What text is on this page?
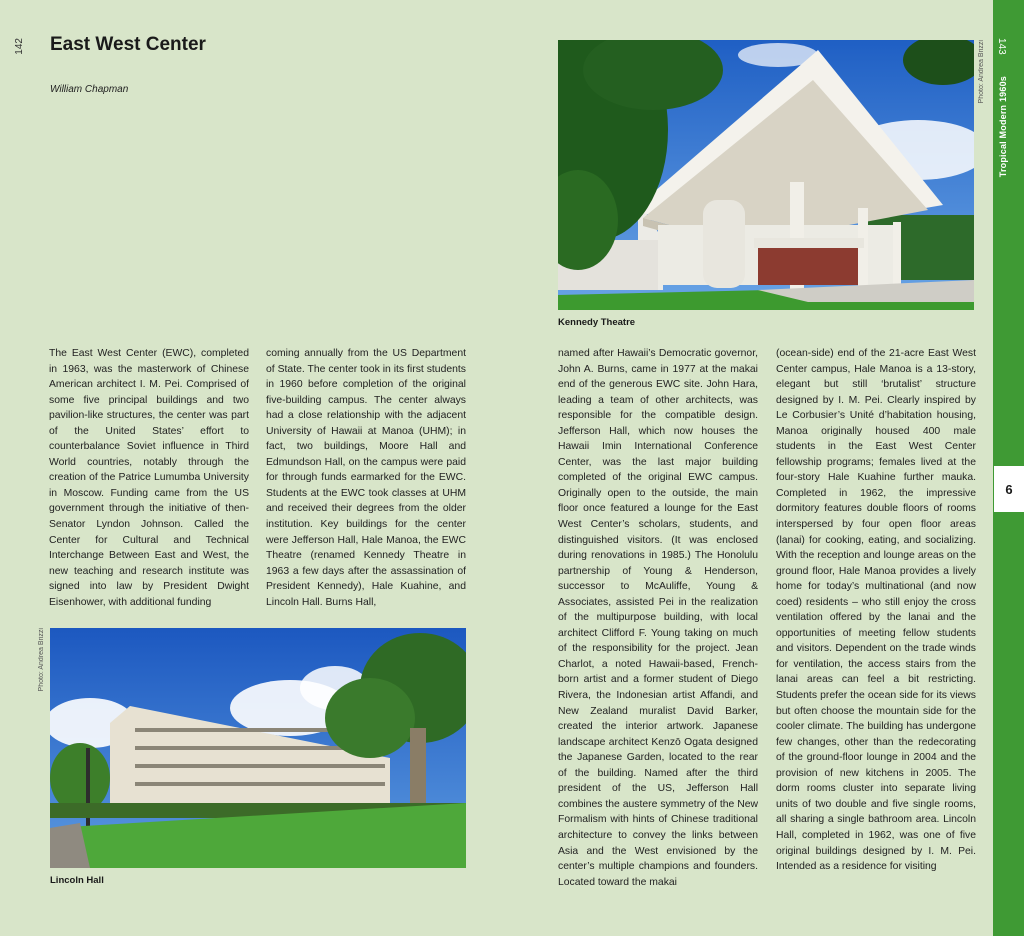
142 East West Center
William Chapman	Photo: Andrea Brizzi
Kennedy Theatre

The East West Center (EWC), completed in 1963, was the masterwork of Chinese American architect I. M. Pei. Comprised of some five principal buildings and two pavilion-like structures, the center was part of the United States’ effort to counterbalance Soviet influence in Third World countries, notably through the creation of the Patrice Lumumba University in Moscow. Funding came from the US government through the initiative of then-Senator Lyndon Johnson. Called the Center for Cultural and Technical Interchange Between East and West, the new teaching and research institute was signed into law by President Dwight Eisenhower, with additional funding

coming annually from the US Department of State. The center took in its first students in 1960 before completion of the original five-building campus. The center always had a close relationship with the adjacent University of Hawaii at Manoa (UHM); in fact, two buildings, Moore Hall and Edmundson Hall, on the campus were paid for through funds earmarked for the EWC. Students at the EWC took classes at UHM and received their degrees from the older institution. Key buildings for the center were Jefferson Hall, Hale Manoa, the EWC Theatre (renamed Kennedy Theatre in 1963 a few days after the assassination of President Kennedy), Hale Kuahine, and Lincoln Hall. Burns Hall,

named after Hawaii’s Democratic governor, John A. Burns, came in 1977 at the makai end of the generous EWC site. John Hara, leading a team of other architects, was responsible for the compatible design. Jefferson Hall, which now houses the Hawaii Imin International Conference Center, was the last major building completed of the original EWC campus. Originally open to the outside, the main floor once featured a lounge for the East West Center’s scholars, students, and distinguished visitors. (It was enclosed during renovations in 1985.) The Honolulu partnership of Young & Henderson, successor to McAuliffe, Young & Associates, assisted Pei in the realization of the multipurpose building, with local architect Clifford F. Young taking on much of the responsibility for the project. Jean Charlot, a noted Hawaii-based, French-born artist and a former student of Diego Rivera, the Indonesian artist Affandi, and New Zealand muralist David Barker, created the interior artwork. Japanese landscape architect Kenzō Ogata designed the Japanese Garden, located to the rear of the building. Named after the third president of the US, Jefferson Hall combines the austere symmetry of the New Formalism with hints of Chinese traditional architecture to convey the links between Asia and the West envisioned by the center’s multiple champions and founders. Located toward the makai

(ocean-side) end of the 21-acre East West Center campus, Hale Manoa is a 13-story, elegant but still ‘brutalist’ structure designed by I. M. Pei. Clearly inspired by Le Corbusier’s Unité d’habitation housing, Manoa originally housed 400 male students in the East West Center fellowship programs; females lived at the four-story Hale Kuahine further mauka. Completed in 1962, the impressive dormitory features double floors of rooms interspersed by four open floor areas (lanai) for cooking, eating, and socializing. With the reception and lounge areas on the ground floor, Hale Manoa provides a lively home for today’s multinational (and now coed) residents – who still enjoy the cross ventilation offered by the lanai and the opportunities of meeting fellow students and visitors. Dependent on the trade winds for ventilation, the access stairs from the lanai areas can feel a bit restricting. Students prefer the ocean side for its views but often choose the mountain side for the cooler climate. The building has undergone few changes, other than the redecorating of the ground-floor lounge in 2004 and the provision of new kitchens in 2005. The dorm rooms cluster into separate living units of two double and five single rooms, all sharing a single bathroom area. Lincoln Hall, completed in 1962, was one of five original buildings designed by I. M. Pei. Intended as a residence for visiting

Photo: Andrea Brizzi
Lincoln Hall
143
Tropical Modern 1960s
6
